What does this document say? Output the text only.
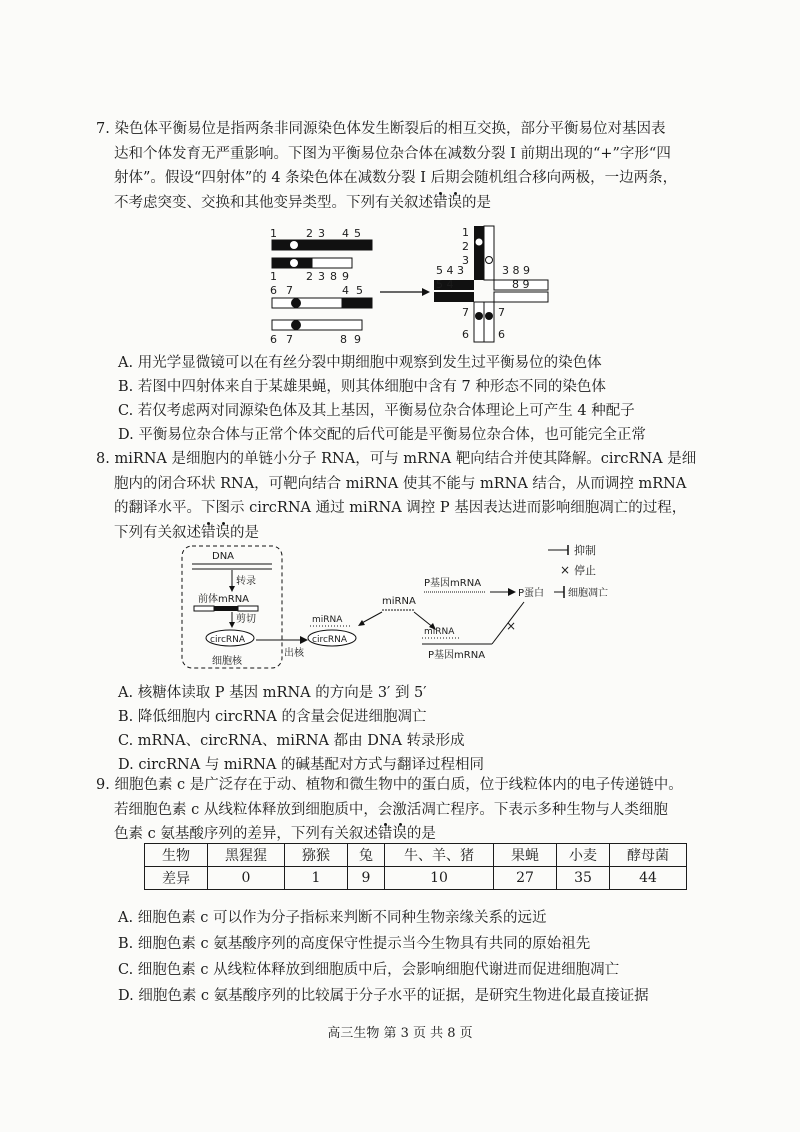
7. 染色体平衡易位是指两条非同源染色体发生断裂后的相互交换，部分平衡易位对基因表
达和个体发育无严重影响。下图为平衡易位杂合体在减数分裂 Ⅰ 前期出现的“+”字形“四
射体”。假设“四射体”的 4 条染色体在减数分裂 Ⅰ 后期会随机组合移向两极，一边两条，
不考虑突变、交换和其他变异类型。下列有关叙述错误的是
1	2 3 4 5
1	2 3 8 9
6 7	4 5
6 7	8 9
1
2
3
5 4 3	3 8 9
5 4	8 9
7
6
7
6
A. 用光学显微镜可以在有丝分裂中期细胞中观察到发生过平衡易位的染色体
B. 若图中四射体来自于某雄果蝇，则其体细胞中含有 7 种形态不同的染色体
C. 若仅考虑两对同源染色体及其上基因，平衡易位杂合体理论上可产生 4 种配子
D. 平衡易位杂合体与正常个体交配的后代可能是平衡易位杂合体，也可能完全正常
8. miRNA 是细胞内的单链小分子 RNA，可与 mRNA 靶向结合并使其降解。circRNA 是细
胞内的闭合环状 RNA，可靶向结合 miRNA 使其不能与 mRNA 结合，从而调控 mRNA
的翻译水平。下图示 circRNA 通过 miRNA 调控 P 基因表达进而影响细胞凋亡的过程，
下列有关叙述错误的是
DNA
转录
前体mRNA
剪切
circRNA
细胞核
出核
miRNA
circRNA
miRNA
P基因mRNA
P蛋白 细胞凋亡
miRNA
P基因mRNA
×
抑制
× 停止
A. 核糖体读取 P 基因 mRNA 的方向是 3′ 到 5′
B. 降低细胞内 circRNA 的含量会促进细胞凋亡
C. mRNA、circRNA、miRNA 都由 DNA 转录形成
D. circRNA 与 miRNA 的碱基配对方式与翻译过程相同
9. 细胞色素 c 是广泛存在于动、植物和微生物中的蛋白质，位于线粒体内的电子传递链中。
若细胞色素 c 从线粒体释放到细胞质中，会激活凋亡程序。下表示多种生物与人类细胞
色素 c 氨基酸序列的差异，下列有关叙述错误的是
生物	黑猩猩	猕猴	兔	牛、羊、猪	果蝇	小麦	酵母菌
差异	0	1	9	10	27	35	44
A. 细胞色素 c 可以作为分子指标来判断不同种生物亲缘关系的远近
B. 细胞色素 c 氨基酸序列的高度保守性提示当今生物具有共同的原始祖先
C. 细胞色素 c 从线粒体释放到细胞质中后，会影响细胞代谢进而促进细胞凋亡
D. 细胞色素 c 氨基酸序列的比较属于分子水平的证据，是研究生物进化最直接证据
高三生物 第 3 页 共 8 页
